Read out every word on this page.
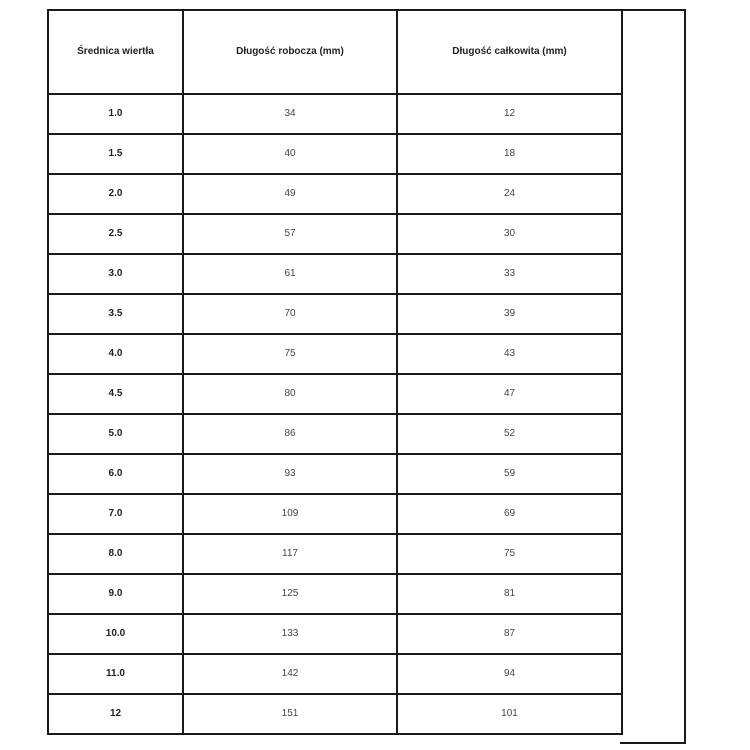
Średnica wiertła	Długość robocza (mm)	Długość całkowita (mm)
1.0	34	12
1.5	40	18
2.0	49	24
2.5	57	30
3.0	61	33
3.5	70	39
4.0	75	43
4.5	80	47
5.0	86	52
6.0	93	59
7.0	109	69
8.0	117	75
9.0	125	81
10.0	133	87
11.0	142	94
12	151	101
